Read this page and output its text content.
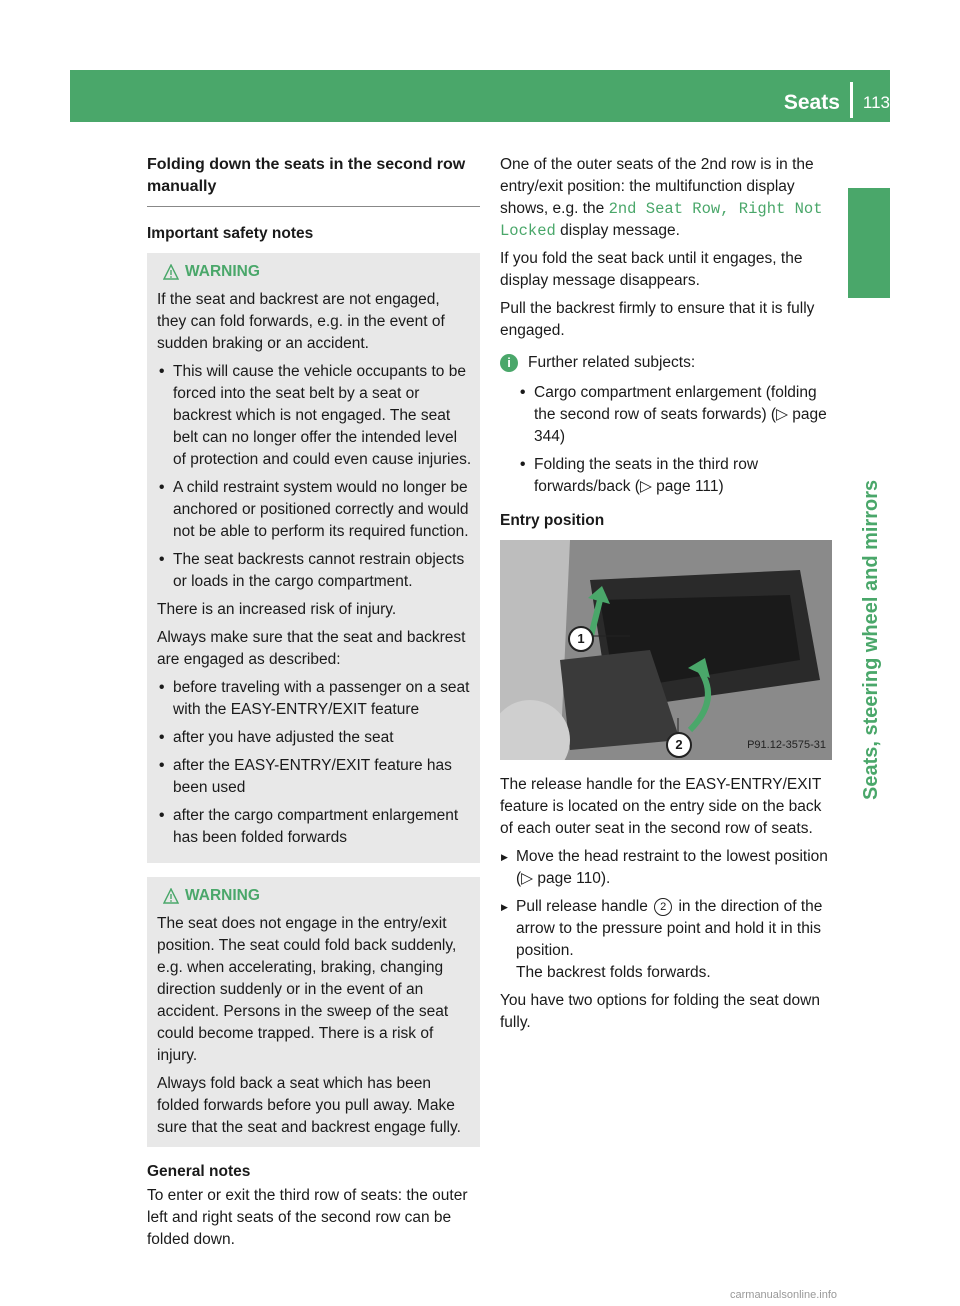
Seats 113
Seats, steering wheel and mirrors
Folding down the seats in the second row manually
Important safety notes
WARNING

If the seat and backrest are not engaged, they can fold forwards, e.g. in the event of sudden braking or an accident.

• This will cause the vehicle occupants to be forced into the seat belt by a seat or backrest which is not engaged. The seat belt can no longer offer the intended level of protection and could even cause injuries.
• A child restraint system would no longer be anchored or positioned correctly and would not be able to perform its required function.
• The seat backrests cannot restrain objects or loads in the cargo compartment.

There is an increased risk of injury.

Always make sure that the seat and backrest are engaged as described:

• before traveling with a passenger on a seat with the EASY-ENTRY/EXIT feature
• after you have adjusted the seat
• after the EASY-ENTRY/EXIT feature has been used
• after the cargo compartment enlargement has been folded forwards
WARNING

The seat does not engage in the entry/exit position. The seat could fold back suddenly, e.g. when accelerating, braking, changing direction suddenly or in the event of an accident. Persons in the sweep of the seat could become trapped. There is a risk of injury.

Always fold back a seat which has been folded forwards before you pull away. Make sure that the seat and backrest engage fully.

General notes

To enter or exit the third row of seats: the outer left and right seats of the second row can be folded down.

One of the outer seats of the 2nd row is in the entry/exit position: the multifunction display shows, e.g. the 2nd Seat Row, Right Not Locked display message.

If you fold the seat back until it engages, the display message disappears.

Pull the backrest firmly to ensure that it is fully engaged.

i	Further related subjects:
• Cargo compartment enlargement (folding the second row of seats forwards) (▷ page 344)
• Folding the seats in the third row forwards/back (▷ page 111)
Entry position
1
2	P91.12-3575-31

The release handle for the EASY-ENTRY/EXIT feature is located on the entry side on the back of each outer seat in the second row of seats.

▶ Move the head restraint to the lowest position (▷ page 110).
▶ Pull release handle 2 in the direction of the arrow to the pressure point and hold it in this position.
The backrest folds forwards.

You have two options for folding the seat down fully.

carmanualsonline.info
